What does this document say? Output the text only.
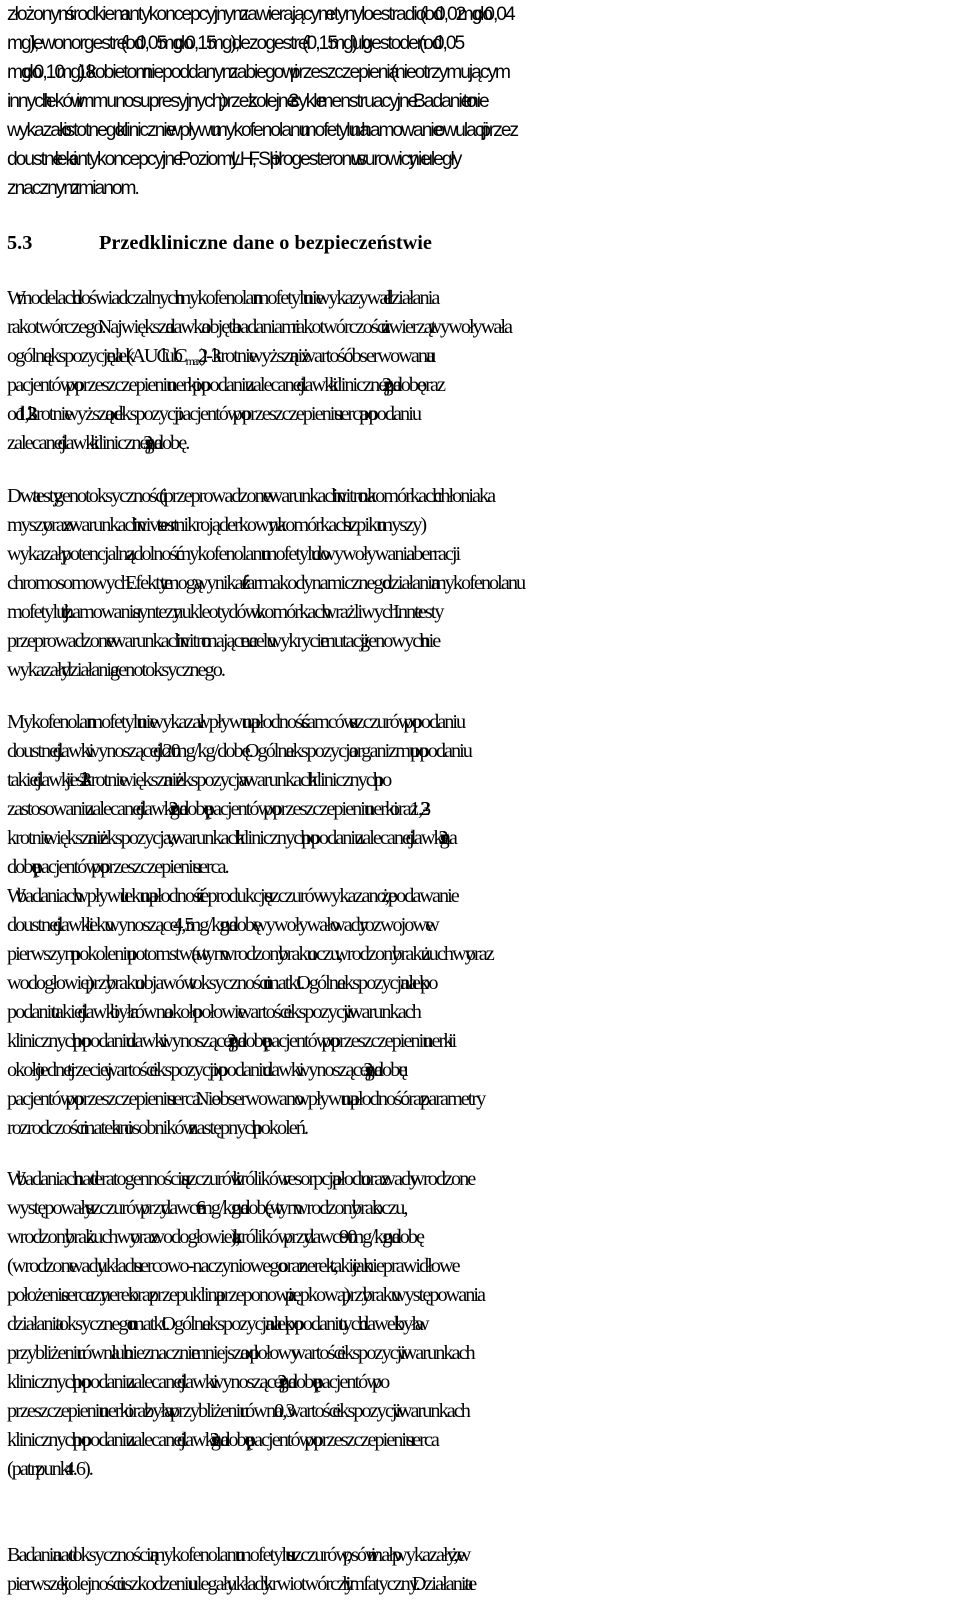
złożonym środkiem antykoncepcyjnym zawierającym etynyloestradiol (od 0,02 mg do 0,04
mg), lewonorgestrel (od 0,05 mg do 0,15 mg), dezogestrel (0,15 mg) lub gestoden (od 0,05
mg do 0,10 mg) 18 kobietom niepoddanym zabiegowi przeszczepienia (nieotrzymującym
innych leków immunosupresyjnych) przez kolejne 3 cykle menstruacyjne. Badanie to nie
wykazało istotnego klinicznie wpływu mykofenolanu mofetylu na hamowanie owulacji przez
doustne leki antykoncepcyjne. Poziomy LH, FSH i progesteronu w surowicy nie uległy
znacznym zmianom.

5.3	Przedkliniczne dane o bezpieczeństwie

W modelach doświadczalnych mykofenolan mofetylu nie wykazywał działania
rakotwórczego. Największa dawka objęta badaniami rakotwórczości u zwierząt wywoływała
ogólną ekspozycję na lek (AUC lub $C_{max}$) 2-3 krotnie wyższą niż wartość obserwowana u
pacjentów po przeszczepieniu nerki po podaniu zalecanej dawki klinicznej 2 g na dobę oraz
od 1,3 - 2 krotnie wyższą od ekspozycji pacjentów po przeszczepieniu serca po podaniu
zalecanej dawki klinicznej 3 g na dobę.

Dwa testy genotoksyczności (przeprowadzone w warunkach in vitro na komórkach chłoniaka
myszy oraz w warunkach in vivo - test mikrojąderkowy na komórkach szpiku myszy)
wykazały potencjalną zdolność mykofenolanu mofetylu do wywoływania aberracji
chromosomowych. Efekty te mogą wynikać z farmakodynamicznego działania mykofenolanu
mofetylu, tj. z hamowania syntezy nukleotydów w komórkach wrażliwych. Inne testy
przeprowadzone w warunkach in vitro mające na celu wykrycie mutacji genowych nie
wykazały działania genotoksycznego.

Mykofenolan mofetylu nie wykazał wpływu na płodność samców u szczurów po podaniu
doustnej dawki wynoszącej do 20 mg/kg/dobę. Ogólna ekspozycja organizmu po podaniu
takiej dawki jest 2 – 3 krotnie większa niż ekspozycja w warunkach klinicznych po
zastosowaniu zalecanej dawki 2 g na dobę u pacjentów po przeszczepieniu nerki oraz 1,3 - 2
krotnie większa niż ekspozycja, w warunkach klinicznych po podaniu zalecanej dawki 3 g na
dobę u pacjentów po przeszczepieniu serca.

W badaniach wpływu leku na płodność i reprodukcję u szczurów wykazano, że podawanie
doustnej dawki leku wynoszącej 4,5 mg/kg na dobę wywoływało wady rozwojowe w
pierwszym pokoleniu potomstwa (w tym wrodzony braku oczu, wrodzony braku żuchwy oraz
wodogłowie) przy braku objawów toksyczności u matki. Ogólna ekspozycja na lek po
podaniu takiej dawki była równa około połowie wartości ekspozycji w warunkach
klinicznych po podaniu dawki wynoszącej 2 g na dobę u pacjentów po przeszczepieniu nerki i
około jednej trzeciej wartości ekspozycji po podaniu dawki wynoszącej 3 g na dobę u
pacjentów po przeszczepieniu serca. Nie obserwowano wpływu na płodność oraz parametry
rozrodczości matek ani osobników z następnych pokoleń.

W badaniach nad teratogennością u szczurów i królików resorpcja płodu oraz wady wrodzone
występowały u szczurów przy dawce 6 mg/kg na dobę (w tym wrodzony brak oczu,
wrodzony brak żuchwy oraz wodogłowie), a u królików przy dawce 90 mg/kg na dobę
(wrodzone wady układu sercowo-naczyniowego oraz nerek, takie jak nieprawidłowe
położenie serca czy nerek oraz przepuklina przeponowa i pępkowa) przy braku występowania
działania toksycznego u matki. Ogólna ekspozycja na lek po podaniu tych dawek była w
przybliżeniu równa lub nieznacznie mniejsza od połowy wartości ekspozycji w warunkach
klinicznych po podaniu zalecanej dawki wynoszącej 2 g na dobę u pacjentów po
przeszczepieniu nerki oraz była w przybliżeniu równa 0,3 wartości ekspozycji w warunkach
klinicznych po podaniu zalecanej dawki 3 g na dobę u pacjentów po przeszczepieniu serca
(patrz punkt 4.6).

Badania nad toksycznością mykofenolanu mofetylu u szczurów, psów i małp wykazały, że w
pierwszej kolejności uszkodzeniu ulegały układy krwiotwórczy i limfatyczny. Działania te
